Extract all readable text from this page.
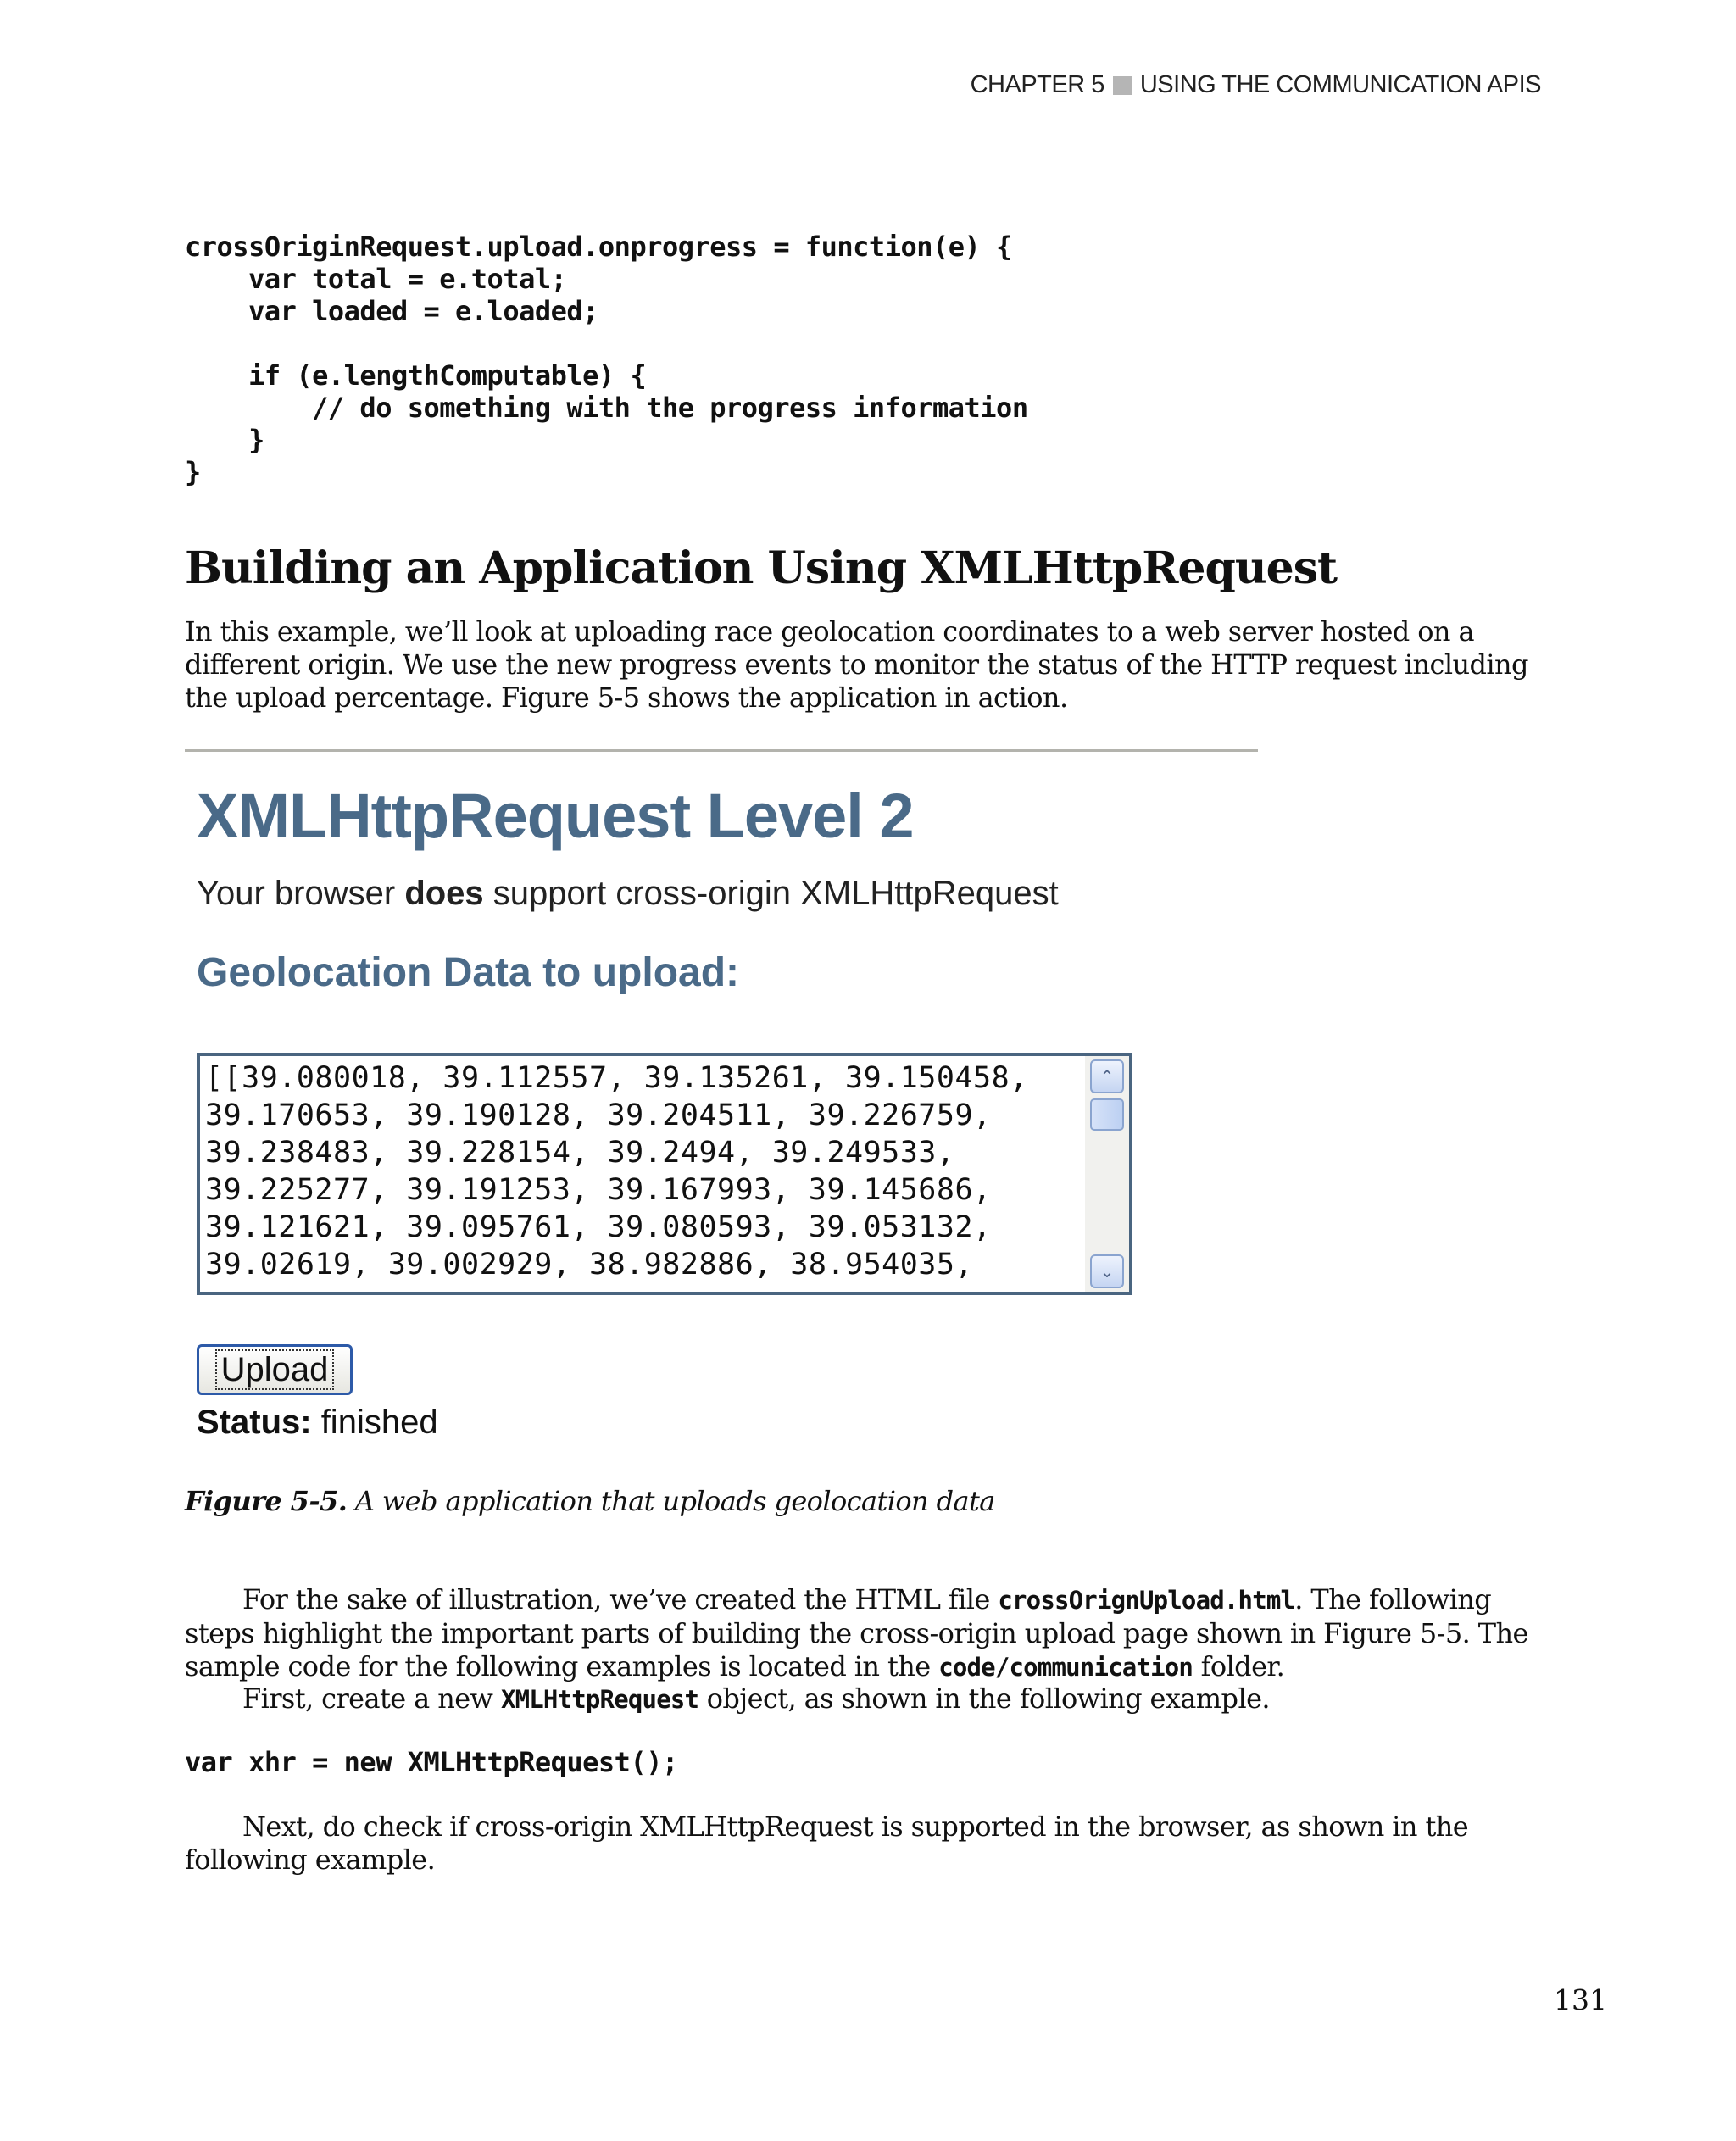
CHAPTER 5 USING THE COMMUNICATION APIS
crossOriginRequest.upload.onprogress = function(e) {
var total = e.total;
var loaded = e.loaded;

if (e.lengthComputable) {
// do something with the progress information
}
}
Building an Application Using XMLHttpRequest

In this example, we’ll look at uploading race geolocation coordinates to a web server hosted on a different origin. We use the new progress events to monitor the status of the HTTP request including the upload percentage. Figure 5-5 shows the application in action.

XMLHttpRequest Level 2
Your browser does support cross-origin XMLHttpRequest
Geolocation Data to upload:
[[39.080018, 39.112557, 39.135261, 39.150458,
39.170653, 39.190128, 39.204511, 39.226759,
39.238483, 39.228154, 39.2494, 39.249533,
39.225277, 39.191253, 39.167993, 39.145686,
39.121621, 39.095761, 39.080593, 39.053132,
39.02619, 39.002929, 38.982886, 38.954035,
⌃
⌄
Upload
Status: finished
Figure 5-5. A web application that uploads geolocation data

For the sake of illustration, we’ve created the HTML file crossOrignUpload.html. The following steps highlight the important parts of building the cross-origin upload page shown in Figure 5-5. The sample code for the following examples is located in the code/communication folder.

First, create a new XMLHttpRequest object, as shown in the following example.

var xhr = new XMLHttpRequest();

Next, do check if cross-origin XMLHttpRequest is supported in the browser, as shown in the following example.

131
